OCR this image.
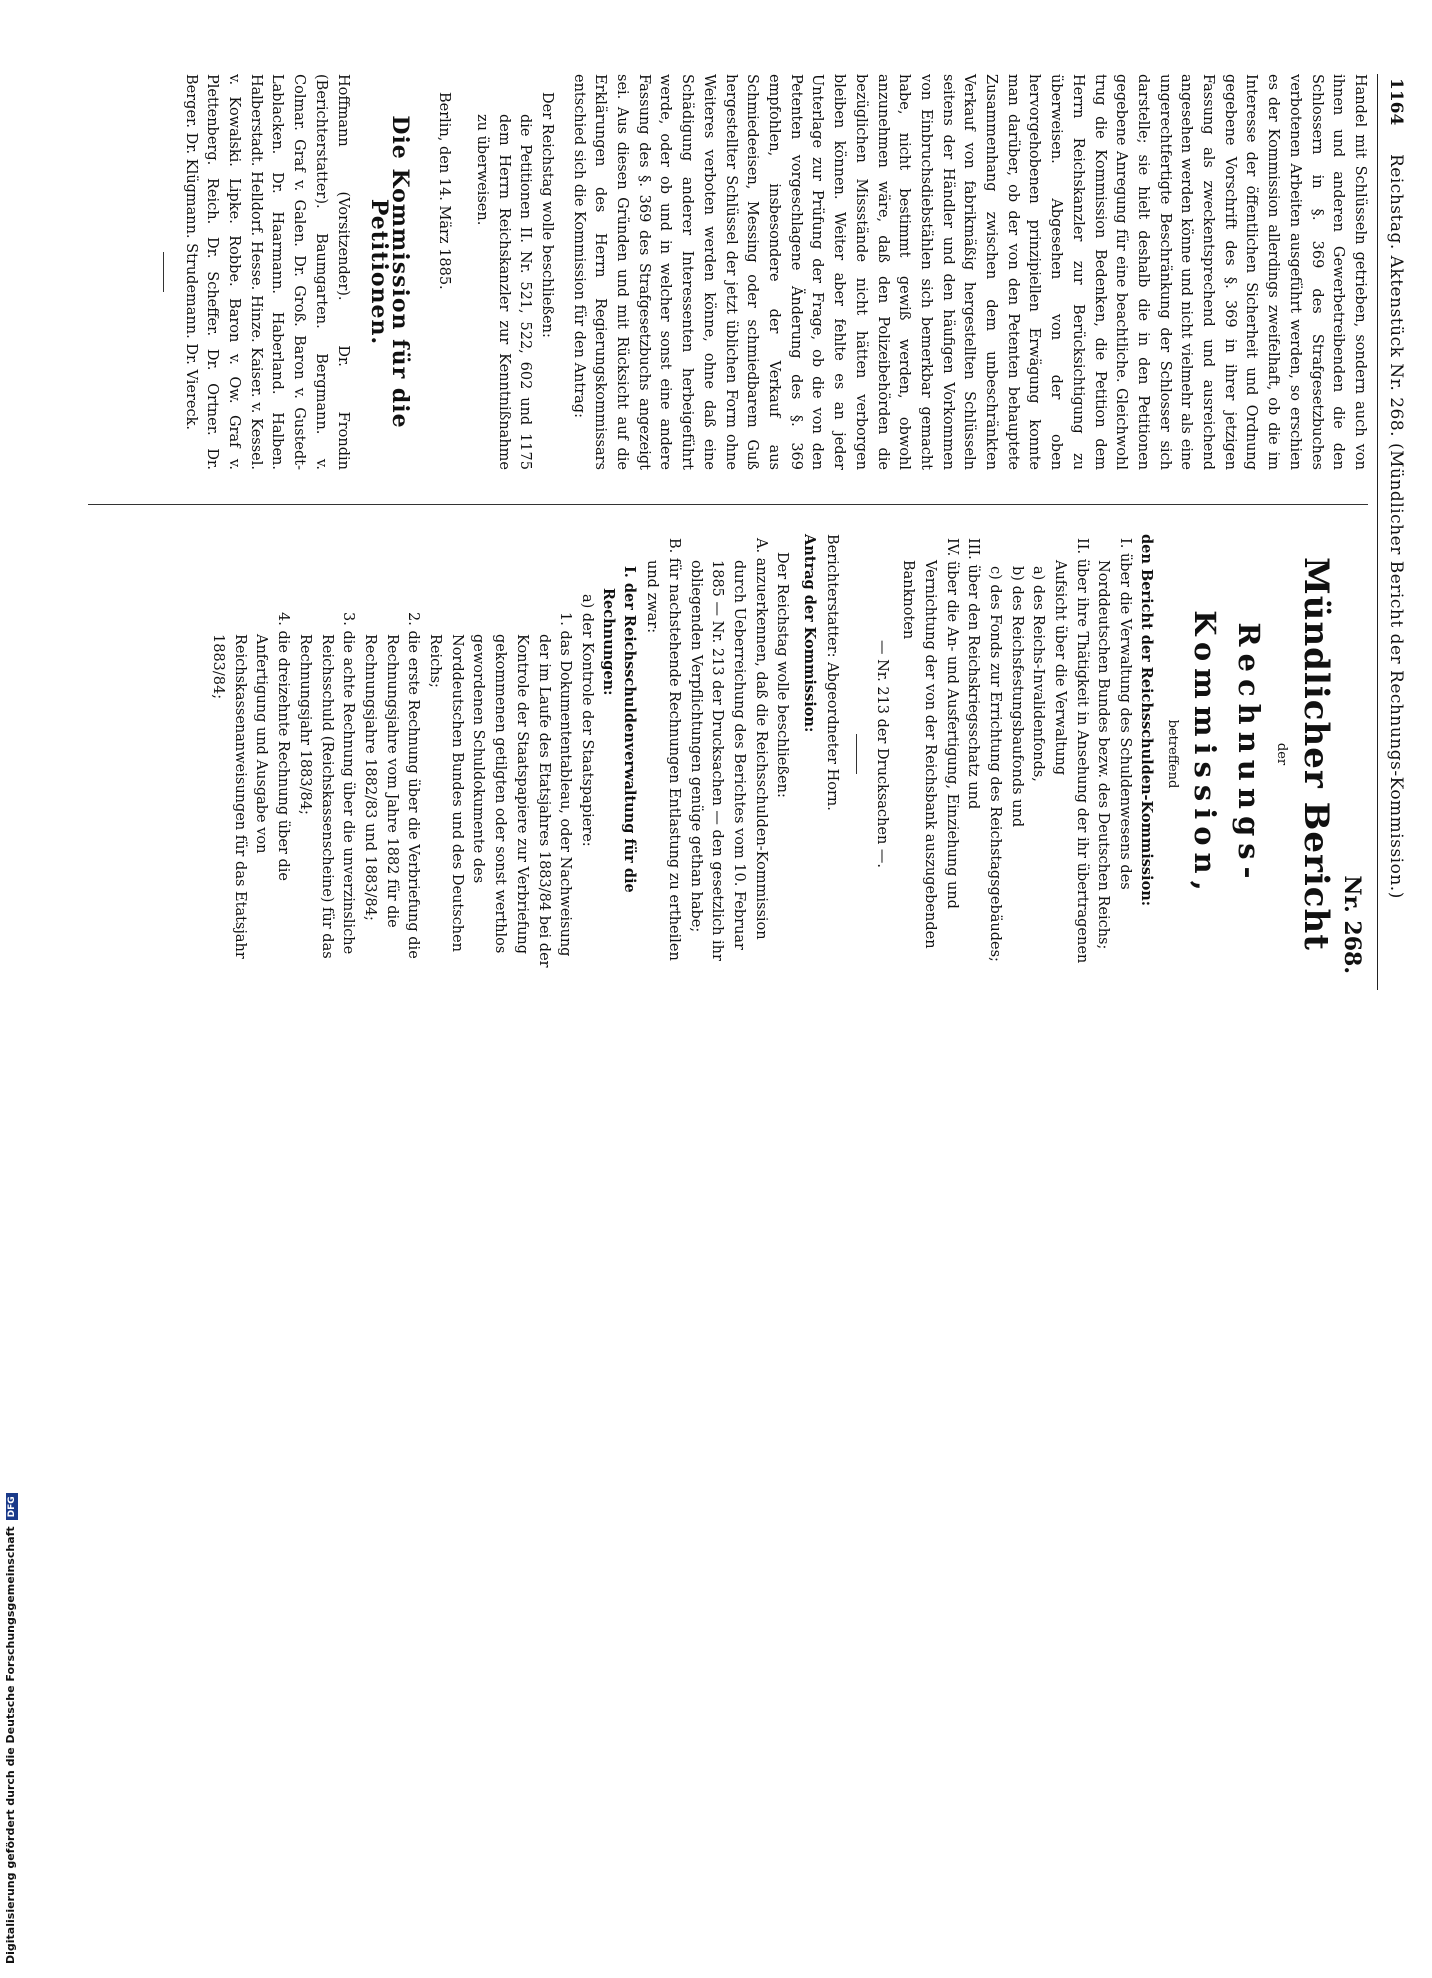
1164
Reichstag. Aktenstück Nr. 268. (Mündlicher Bericht der Rechnungs-Kommission.)

Handel mit Schlüsseln getrieben, sondern auch von ihnen und anderen Gewerbetreibenden die den Schlossern in §. 369 des Strafgesetzbuches verbotenen Arbeiten ausgeführt werden, so erschien es der Kommission allerdings zweifelhaft, ob die im Interesse der öffentlichen Sicherheit und Ordnung gegebene Vorschrift des §. 369 in ihrer jetzigen Fassung als zweckentsprechend und ausreichend angesehen werden könne und nicht vielmehr als eine ungerechtfertigte Beschränkung der Schlosser sich darstelle; sie hielt deshalb die in den Petitionen gegebene Anregung für eine beachtliche. Gleichwohl trug die Kommission Bedenken, die Petition dem Herrn Reichskanzler zur Berücksichtigung zu überweisen. Abgesehen von der oben hervorgehobenen prinzipiellen Erwägung konnte man darüber, ob der von den Petenten behauptete Zusammenhang zwischen dem unbeschränkten Verkauf von fabrikmäßig hergestellten Schlüsseln seitens der Händler und den häufigen Vorkommen von Einbruchsdiebstählen sich bemerkbar gemacht habe, nicht bestimmt gewiß werden, obwohl anzunehmen wäre, daß den Polizeibehörden die bezüglichen Missstände nicht hätten verborgen bleiben können. Weiter aber fehlte es an jeder Unterlage zur Prüfung der Frage, ob die von den Petenten vorgeschlagene Änderung des §. 369 empfohlen, insbesondere der Verkauf aus Schmiedeeisen, Messing oder schmiedbarem Guß hergestellter Schlüssel der jetzt üblichen Form ohne Weiteres verboten werden könne, ohne daß eine Schädigung anderer Interessenten herbeigeführt werde, oder ob und in welcher sonst eine andere Fassung des §. 369 des Strafgesetzbuchs angezeigt sei. Aus diesen Gründen und mit Rücksicht auf die Erklärungen des Herrn Regierungskommissars entschied sich die Kommission für den Antrag:

Der Reichstag wolle beschließen:

die Petitionen II. Nr. 521, 522, 602 und 1175 dem Herrn Reichskanzler zur Kenntnißnahme zu überweisen.

Berlin, den 14. März 1885.

Die Kommission für die Petitionen.

Hoffmann (Vorsitzender). Dr. Frondin (Berichterstatter). Baumgarten. Bergmann. v. Colmar. Graf v. Galen. Dr. Groß. Baron v. Gustedt-Lablacken. Dr. Haarmann. Haberland. Halben. Halberstadt. Helldorf. Hesse. Hinze. Kaiser. v. Kessel. v. Kowalski. Lipke. Robbe. Baron v. Ow. Graf v. Plettenberg. Reich. Dr. Scheffer. Dr. Ortner. Dr. Berger. Dr. Klügmann. Strudemann. Dr. Viereck.

Nr. 268.
Mündlicher Bericht
der
Rechnungs-Kommission,
betreffend

den Bericht der Reichsschulden-Kommission:

I. über die Verwaltung des Schuldenwesens des Norddeutschen Bundes bezw. des Deutschen Reichs;

II. über ihre Thätigkeit in Ansehung der ihr übertragenen Aufsicht über die Verwaltung

a) des Reichs-Invalidenfonds,

b) des Reichsfestungsbaufonds und

c) des Fonds zur Errichtung des Reichstagsgebäudes;

III. über den Reichskriegsschatz und

IV. über die An- und Ausfertigung, Einziehung und Vernichtung der von der Reichsbank auszugebenden Banknoten

— Nr. 213 der Drucksachen —.

Berichterstatter: Abgeordneter Horn.

Antrag der Kommission:

Der Reichstag wolle beschließen:

A. anzuerkennen, daß die Reichsschulden-Kommission durch Ueberreichung des Berichtes vom 10. Februar 1885 — Nr. 213 der Drucksachen — den gesetzlich ihr obliegenden Verpflichtungen genüge gethan habe;

B. für nachstehende Rechnungen Entlastung zu ertheilen und zwar:

I. der Reichsschuldenverwaltung für die Rechnungen:

a) der Kontrole der Staatspapiere:

1. das Dokumententableau, oder Nachweisung der im Laufe des Etatsjahres 1883/84 bei der Kontrole der Staatspapiere zur Verbriefung gekommenen getilgten oder sonst werthlos gewordenen Schuldokumente des Norddeutschen Bundes und des Deutschen Reichs;

2. die erste Rechnung über die Verbriefung die Rechnungsjahre vom Jahre 1882 für die Rechnungsjahre 1882/83 und 1883/84;

3. die achte Rechnung über die unverzinsliche Reichsschuld (Reichskassenscheine) für das Rechnungsjahr 1883/84;

4. die dreizehnte Rechnung über die Anfertigung und Ausgabe von Reichskassenanweisungen für das Etatsjahr 1883/84;

Digitalisierung gefördert durch die Deutsche ForschungsgemeinschaftDFG
